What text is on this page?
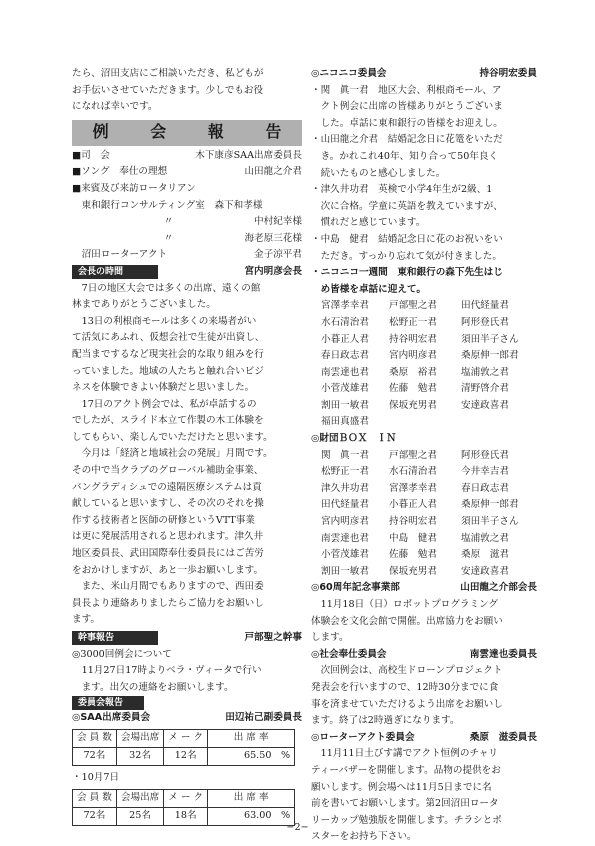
たら、沼田支店にご相談いただき、私どもが

お手伝いさせていただきます。少しでもお役

になれば幸いです。

例 会 報 告
■司　会	木下康彦SAA出席委員長
■ソング　奉仕の理想	山田龍之介君
■来賓及び来訪ロータリアン
東和銀行コンサルティング室　森下和孝様
〃	中村紀幸様
〃	海老原三花様
沼田ローターアクト	金子涼平君
会長の時間	宮内明彦会長

7日の地区大会では多くの出席、遠くの館

林までありがとうございました。

13日の利根商モールは多くの来場者がい

て活気にあふれ、仮想会社で生徒が出資し、

配当までするなど現実社会的な取り組みを行

っていました。地域の人たちと触れ合いビジ

ネスを体験できよい体験だと思いました。

17日のアクト例会では、私が卓話するの

でしたが、スライド本立て作製の木工体験を

してもらい、楽しんでいただけたと思います。

今月は「経済と地域社会の発展」月間です。

その中で当クラブのグローバル補助金事業、

バングラディシュでの遠隔医療システムは貢

献していると思いますし、その次のそれを操

作する技術者と医師の研修というVTT事業

は更に発展活用されると思われます。津久井

地区委員長、武田国際奉仕委員長にはご苦労

をおかけしますが、あと一歩お願いします。

また、米山月間でもありますので、西田委

員長より連絡ありましたらご協力をお願いし

ます。

幹事報告	戸部聖之幹事

◎3000回例会について

11月27日17時よりベラ・ヴィータで行い

ます。出欠の連絡をお願いします。

委員会報告
◎SAA出席委員会	田辺祐己副委員長
会 員 数	会場出席	メ ー ク	出 席 率
72名	32名	12名	65.50　%

・10月7日

会 員 数	会場出席	メ ー ク	出 席 率
72名	25名	18名	63.00　%
◎ニコニコ委員会	持谷明宏委員

・関　眞一君　地区大会、利根商モール、ア

クト例会に出席の皆様ありがとうございま

した。卓話に東和銀行の皆様をお迎えし。

・山田龍之介君　結婚記念日に花篭をいただ

き。かれこれ40年、知り合って50年良く

続いたものと感心しました。

・津久井功君　英検で小学4年生が2級、1

次に合格。学童に英語を教えていますが、

慣れだと感じています。

・中島　健君　結婚記念日に花のお祝いをい

ただき。すっかり忘れて気が付きました。

・ニコニコ一週間　東和銀行の森下先生はじ
め皆様を卓話に迎えて。
宮澤孝幸君	戸部聖之君	田代経量君
水石清治君	松野正一君	阿形登氏君
小暮正人君	持谷明宏君	須田半子さん
春日政志君	宮内明彦君	桑原伸一郎君
南雲達也君	桑原　裕君	塩浦敦之君
小菅茂雄君	佐藤　勉君	清野啓介君
割田一敏君	保坂充男君	安達政喜君
福田真盛君
◎財団ＢＯＸ　ＩＮ
関　眞一君	戸部聖之君	阿形登氏君
松野正一君	水石清治君	今井幸吉君
津久井功君	宮澤孝幸君	春日政志君
田代経量君	小暮正人君	桑原伸一郎君
宮内明彦君	持谷明宏君	須田半子さん
南雲達也君	中島　健君	塩浦敦之君
小菅茂雄君	佐藤　勉君	桑原　滋君
割田一敏君	保坂充男君	安達政喜君
◎60周年記念事業部	山田龍之介部会長

11月18日（日）ロボットプログラミング

体験会を文化会館で開催。出席協力をお願い

します。

◎社会奉仕委員会	南雲達也委員長

次回例会は、高校生ドローンプロジェクト

発表会を行いますので、12時30分までに食

事を済ませていただけるよう出席をお願いし

ます。終了は2時過ぎになります。

◎ローターアクト委員会	桑原　滋委員長

11月11日土びす講でアクト恒例のチャリ

ティーバザーを開催します。品物の提供をお

願いします。例会場へは11月5日までに名

前を書いてお願いします。第2回沼田ロータ

リーカップ勉強版を開催します。チラシとポ

スターをお持ち下さい。

−2−
